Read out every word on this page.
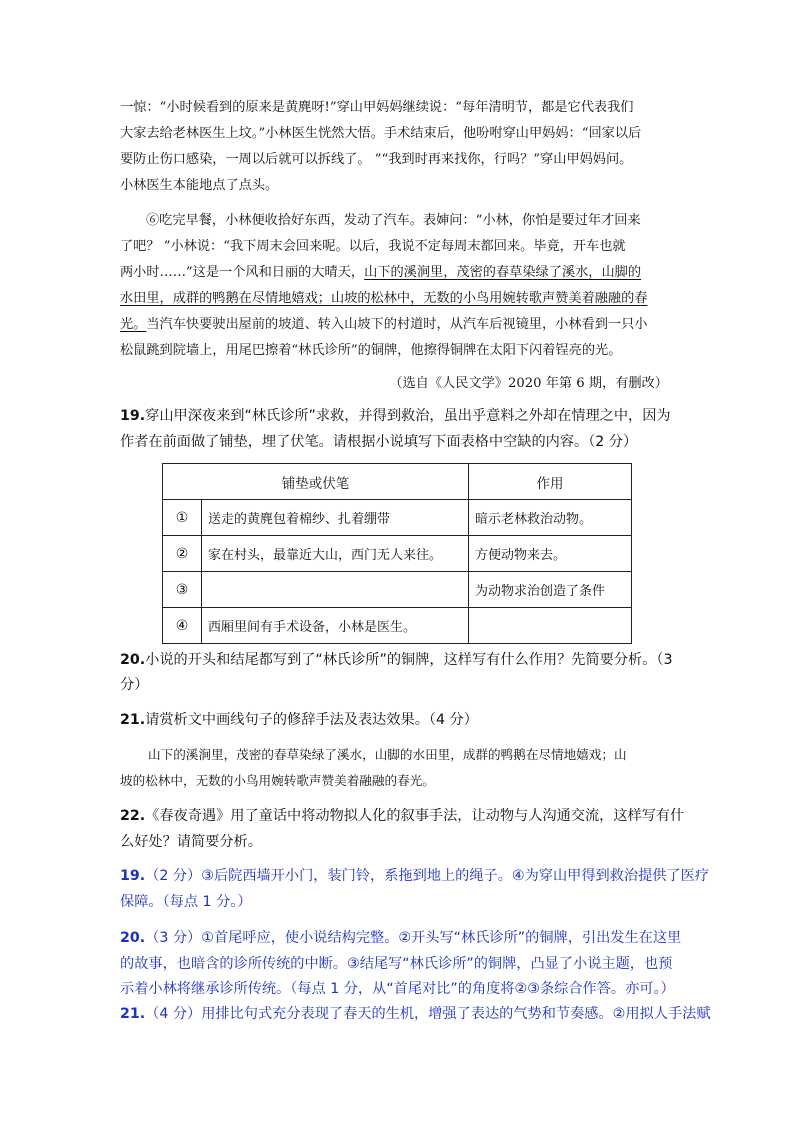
一惊：“小时候看到的原来是黄麂呀!”穿山甲妈妈继续说：“每年清明节，都是它代表我们
大家去给老林医生上坟。”小林医生恍然大悟。手术结束后，他吩咐穿山甲妈妈：“回家以后
要防止伤口感染，一周以后就可以拆线了。 ”“我到时再来找你，行吗？”穿山甲妈妈问。
小林医生本能地点了点头。
⑥吃完早餐，小林便收拾好东西，发动了汽车。表婶问：“小林，你怕是要过年才回来
了吧？ ”小林说：“我下周末会回来呢。以后，我说不定每周末都回来。毕竟，开车也就
两小时……”这是一个风和日丽的大晴天，山下的溪涧里，茂密的春草染绿了溪水，山脚的
水田里，成群的鸭鹅在尽情地嬉戏；山坡的松林中，无数的小鸟用婉转歌声赞美着融融的春
光。当汽车快要驶出屋前的坡道、转入山坡下的村道时，从汽车后视镜里，小林看到一只小
松鼠跳到院墙上，用尾巴擦着“林氏诊所”的铜牌，他擦得铜牌在太阳下闪着锃亮的光。
（选自《人民文学》2020 年第 6 期，有删改）
19.穿山甲深夜来到“林氏诊所”求救，并得到救治，虽出乎意料之外却在情理之中，因为
作者在前面做了铺垫，埋了伏笔。请根据小说填写下面表格中空缺的内容。（2 分）
铺垫或伏笔		作用
①	送走的黄麂包着棉纱、扎着绷带	暗示老林救治动物。
②	家在村头，最靠近大山，西门无人来往。	方便动物来去。
③		为动物求治创造了条件
④	西厢里间有手术设备，小林是医生。	
20.小说的开头和结尾都写到了“林氏诊所”的铜牌，这样写有什么作用？先简要分析。（3
分）
21.请赏析文中画线句子的修辞手法及表达效果。（4 分）
山下的溪涧里，茂密的春草染绿了溪水，山脚的水田里，成群的鸭鹅在尽情地嬉戏；山
坡的松林中，无数的小鸟用婉转歌声赞美着融融的春光。
22.《春夜奇遇》用了童话中将动物拟人化的叙事手法，让动物与人沟通交流，这样写有什
么好处？请简要分析。
19.（2 分）③后院西墙开小门，装门铃，系拖到地上的绳子。④为穿山甲得到救治提供了医疗
保障。（每点 1 分。）
20.（3 分）①首尾呼应，使小说结构完整。②开头写“林氏诊所”的铜牌，引出发生在这里
的故事，也暗含的诊所传统的中断。③结尾写“林氏诊所”的铜牌，凸显了小说主题，也预
示着小林将继承诊所传统。（每点 1 分，从“首尾对比”的角度将②③条综合作答。亦可。）
21.（4 分）用排比句式充分表现了春天的生机，增强了表达的气势和节奏感。②用拟人手法赋
